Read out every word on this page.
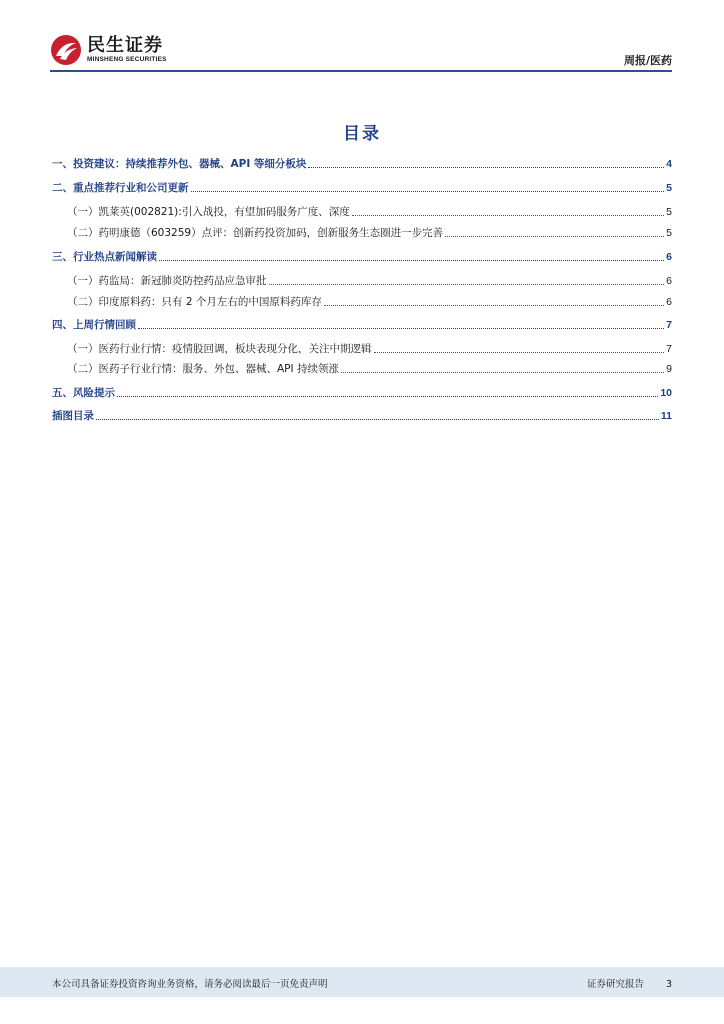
民生证券
MINSHENG SECURITIES	周报/医药
目录
一、投资建议：持续推荐外包、器械、API 等细分板块	4
二、重点推荐行业和公司更新	5
（一）凯莱英(002821):引入战投，有望加码服务广度、深度	5
（二）药明康德（603259）点评：创新药投资加码，创新服务生态圈进一步完善	5
三、行业热点新闻解读	6
（一）药监局：新冠肺炎防控药品应急审批	6
（二）印度原料药：只有 2 个月左右的中国原料药库存	6
四、上周行情回顾	7
（一）医药行业行情：疫情股回调，板块表现分化，关注中期逻辑	7
（二）医药子行业行情：服务、外包、器械、API 持续领涨	9
五、风险提示	10
插图目录	11
本公司具备证券投资咨询业务资格，请务必阅读最后一页免责声明	证券研究报告 3
